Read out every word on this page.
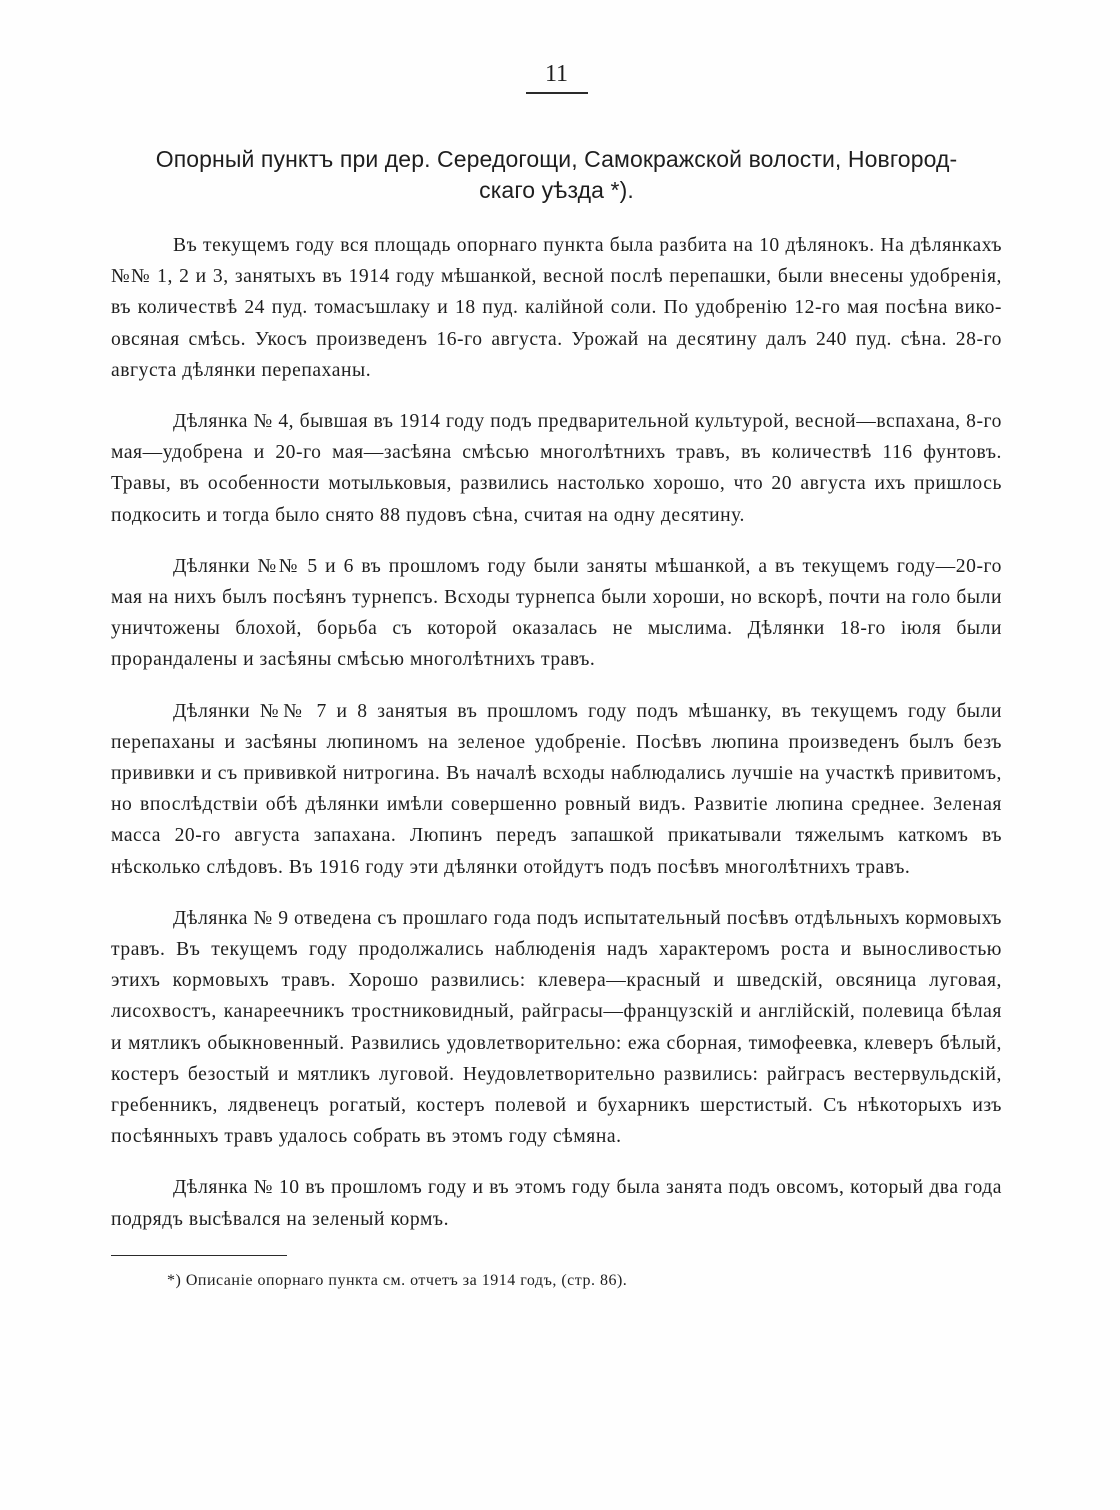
11
Опорный пунктъ при дер. Середогощи, Самокражской волости, Новгород-
скаго уѣзда *).

Въ текущемъ году вся площадь опорнаго пункта была разбита на 10 дѣлянокъ. На дѣлянкахъ №№ 1, 2 и 3, занятыхъ въ 1914 году мѣшанкой, весной послѣ перепашки, были внесены удобренія, въ количествѣ 24 пуд. томасъшлаку и 18 пуд. калійной соли. По удобренію 12-го мая посѣна вико-овсяная смѣсь. Укосъ произведенъ 16-го августа. Урожай на десятину далъ 240 пуд. сѣна. 28-го августа дѣлянки перепаханы.

Дѣлянка № 4, бывшая въ 1914 году подъ предварительной культурой, весной—вспахана, 8-го мая—удобрена и 20-го мая—засѣяна смѣсью многолѣтнихъ травъ, въ количествѣ 116 фунтовъ. Травы, въ особенности мотыльковыя, развились настолько хорошо, что 20 августа ихъ пришлось подкосить и тогда было снято 88 пудовъ сѣна, считая на одну десятину.

Дѣлянки №№ 5 и 6 въ прошломъ году были заняты мѣшанкой, а въ текущемъ году—20-го мая на нихъ былъ посѣянъ турнепсъ. Всходы турнепса были хороши, но вскорѣ, почти на голо были уничтожены блохой, борьба съ которой оказалась не мыслима. Дѣлянки 18-го іюля были прорандалены и засѣяны смѣсью многолѣтнихъ травъ.

Дѣлянки №№ 7 и 8 занятыя въ прошломъ году подъ мѣшанку, въ текущемъ году были перепаханы и засѣяны люпиномъ на зеленое удобреніе. Посѣвъ люпина произведенъ былъ безъ прививки и съ прививкой нитрогина. Въ началѣ всходы наблюдались лучшіе на участкѣ привитомъ, но впослѣдствіи обѣ дѣлянки имѣли совершенно ровный видъ. Развитіе люпина среднее. Зеленая масса 20-го августа запахана. Люпинъ передъ запашкой прикатывали тяжелымъ каткомъ въ нѣсколько слѣдовъ. Въ 1916 году эти дѣлянки отойдутъ подъ посѣвъ многолѣтнихъ травъ.

Дѣлянка № 9 отведена съ прошлаго года подъ испытательный посѣвъ отдѣльныхъ кормовыхъ травъ. Въ текущемъ году продолжались наблюденія надъ характеромъ роста и выносливостью этихъ кормовыхъ травъ. Хорошо развились: клевера—красный и шведскій, овсяница луговая, лисохвостъ, канареечникъ тростниковидный, райграсы—французскій и англійскій, полевица бѣлая и мятликъ обыкновенный. Развились удовлетворительно: ежа сборная, тимофеевка, клеверъ бѣлый, костеръ безостый и мятликъ луговой. Неудовлетворительно развились: райграсъ вестервульдскій, гребенникъ, лядвенецъ рогатый, костеръ полевой и бухарникъ шерстистый. Съ нѣкоторыхъ изъ посѣянныхъ травъ удалось собрать въ этомъ году сѣмяна.

Дѣлянка № 10 въ прошломъ году и въ этомъ году была занята подъ овсомъ, который два года подрядъ высѣвался на зеленый кормъ.

*) Описаніе опорнаго пункта см. отчетъ за 1914 годъ, (стр. 86).
